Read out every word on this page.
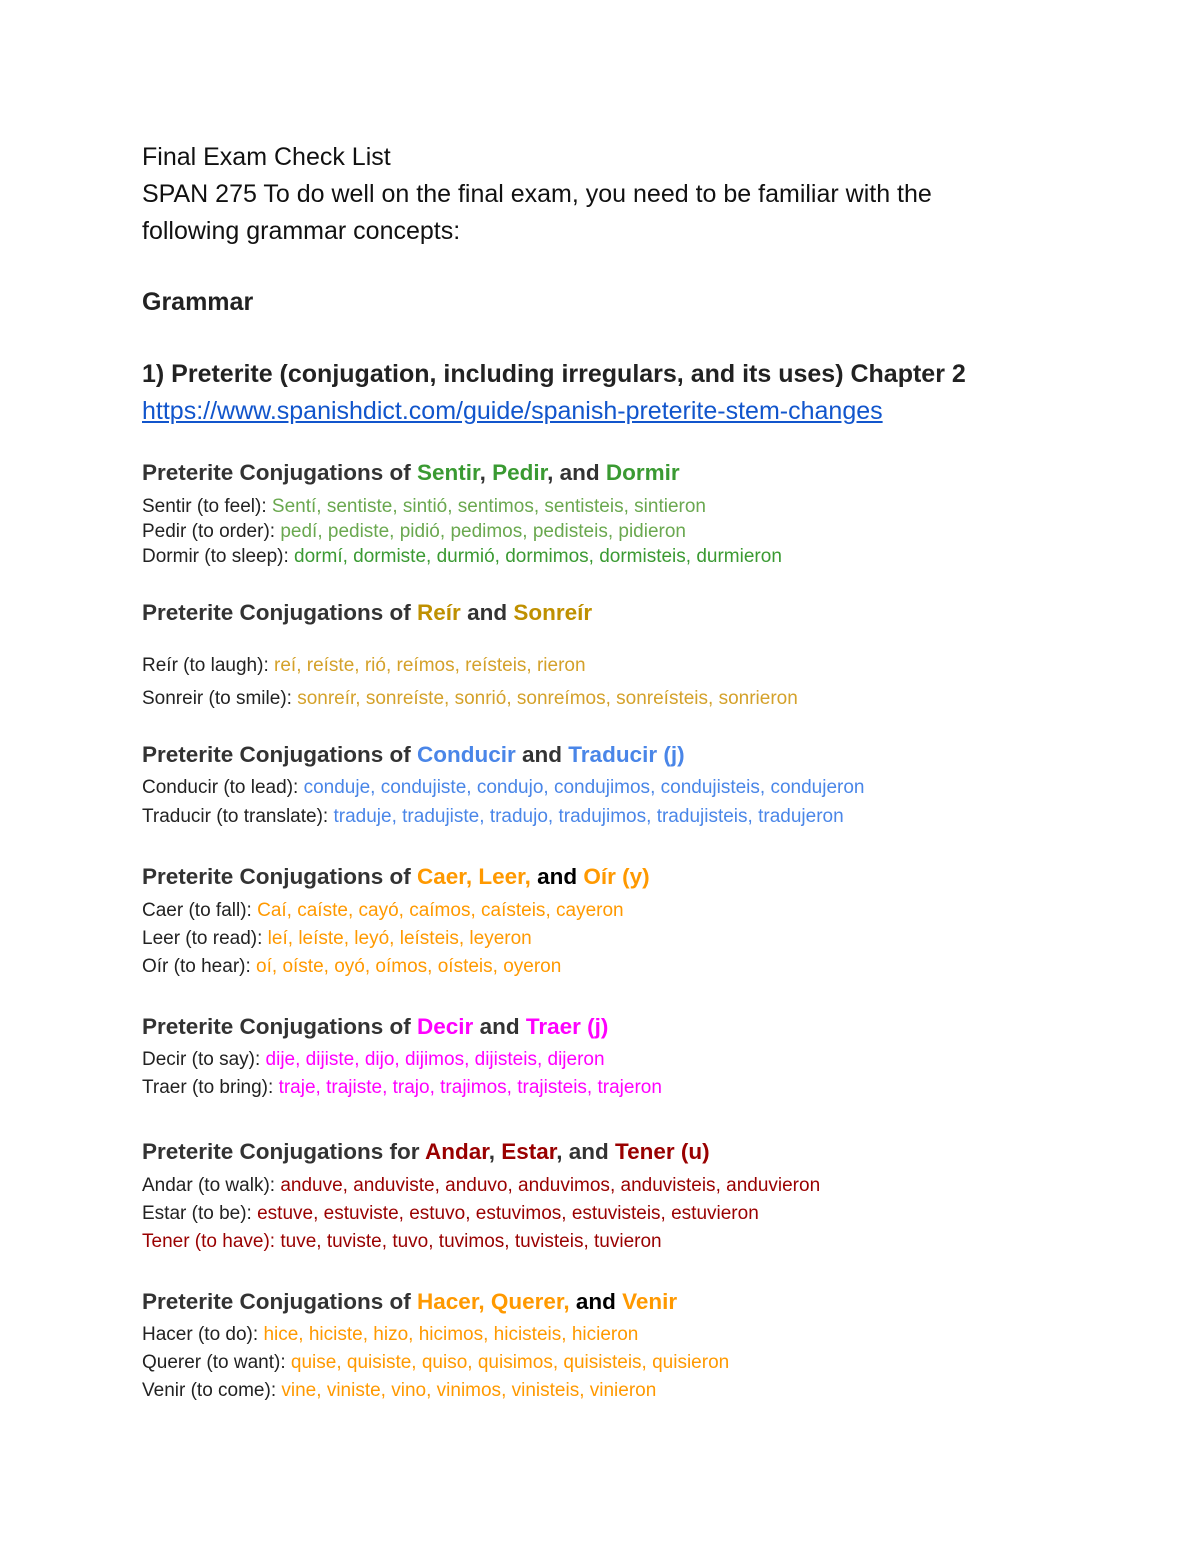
Final Exam Check List
SPAN 275 To do well on the final exam, you need to be familiar with the
following grammar concepts:
Grammar
1) Preterite (conjugation, including irregulars, and its uses) Chapter 2
https://www.spanishdict.com/guide/spanish-preterite-stem-changes
Preterite Conjugations of Sentir, Pedir, and Dormir
Sentir (to feel): Sentí, sentiste, sintió, sentimos, sentisteis, sintieron
Pedir (to order): pedí, pediste, pidió, pedimos, pedisteis, pidieron
Dormir (to sleep): dormí, dormiste, durmió, dormimos, dormisteis, durmieron
Preterite Conjugations of Reír and Sonreír
Reír (to laugh): reí, reíste, rió, reímos, reísteis, rieron
Sonreir (to smile): sonreír, sonreíste, sonrió, sonreímos, sonreísteis, sonrieron
Preterite Conjugations of Conducir and Traducir (j)
Conducir (to lead): conduje, condujiste, condujo, condujimos, condujisteis, condujeron
Traducir (to translate): traduje, tradujiste, tradujo, tradujimos, tradujisteis, tradujeron
Preterite Conjugations of Caer, Leer, and Oír (y)
Caer (to fall): Caí, caíste, cayó, caímos, caísteis, cayeron
Leer (to read): leí, leíste, leyó, leísteis, leyeron
Oír (to hear): oí, oíste, oyó, oímos, oísteis, oyeron
Preterite Conjugations of Decir and Traer (j)
Decir (to say): dije, dijiste, dijo, dijimos, dijisteis, dijeron
Traer (to bring): traje, trajiste, trajo, trajimos, trajisteis, trajeron
Preterite Conjugations for Andar, Estar, and Tener (u)
Andar (to walk): anduve, anduviste, anduvo, anduvimos, anduvisteis, anduvieron
Estar (to be): estuve, estuviste, estuvo, estuvimos, estuvisteis, estuvieron
Tener (to have): tuve, tuviste, tuvo, tuvimos, tuvisteis, tuvieron
Preterite Conjugations of Hacer, Querer, and Venir
Hacer (to do): hice, hiciste, hizo, hicimos, hicisteis, hicieron
Querer (to want): quise, quisiste, quiso, quisimos, quisisteis, quisieron
Venir (to come): vine, viniste, vino, vinimos, vinisteis, vinieron
